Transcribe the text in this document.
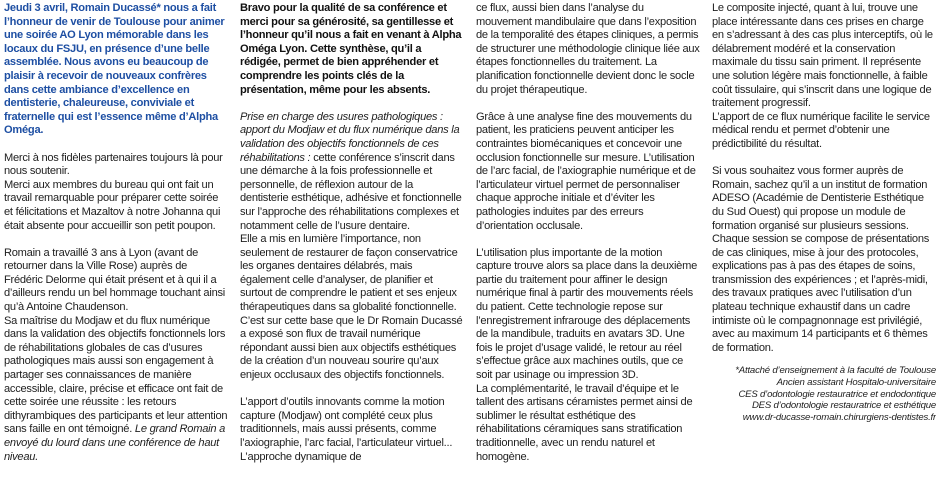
Jeudi 3 avril, Romain Ducassé* nous a fait l’honneur de venir de Toulouse pour animer une soirée AO Lyon mémorable dans les locaux du FSJU, en présence d’une belle assemblée. Nous avons eu beaucoup de plaisir à recevoir de nouveaux confrères dans cette ambiance d’excellence en dentisterie, chaleureuse, conviviale et fraternelle qui est l’essence même d’Alpha Oméga.

Merci à nos fidèles partenaires toujours là pour nous soutenir.

Merci aux membres du bureau qui ont fait un travail remarquable pour préparer cette soirée et félicitations et Mazaltov à notre Johanna qui était absente pour accueillir son petit poupon.

Romain a travaillé 3 ans à Lyon (avant de retourner dans la Ville Rose) auprès de Frédéric Delorme qui était présent et à qui il a d’ailleurs rendu un bel hommage touchant ainsi qu’à Antoine Chaudenson.

Sa maîtrise du Modjaw et du flux numérique dans la validation des objectifs fonctionnels lors de réhabilitations globales de cas d’usures pathologiques mais aussi son engagement à partager ses connaissances de manière accessible, claire, précise et efficace ont fait de cette soirée une réussite : les retours dithyrambiques des participants et leur attention sans faille en ont témoigné. Le grand Romain a envoyé du lourd dans une conférence de haut niveau.

Bravo pour la qualité de sa conférence et merci pour sa générosité, sa gentillesse et l’honneur qu’il nous a fait en venant à Alpha Oméga Lyon. Cette synthèse, qu’il a rédigée, permet de bien appréhender et comprendre les points clés de la présentation, même pour les absents.

Prise en charge des usures pathologiques : apport du Modjaw et du flux numérique dans la validation des objectifs fonctionnels de ces réhabilitations : cette conférence s’inscrit dans une démarche à la fois professionnelle et personnelle, de réflexion autour de la dentisterie esthétique, adhésive et fonctionnelle sur l’approche des réhabilitations complexes et notamment celle de l’usure dentaire.

Elle a mis en lumière l’importance, non seulement de restaurer de façon conservatrice les organes dentaires délabrés, mais également celle d’analyser, de planifier et surtout de comprendre le patient et ses enjeux thérapeutiques dans sa globalité fonctionnelle. C’est sur cette base que le Dr Romain Ducassé a exposé son flux de travail numérique répondant aussi bien aux objectifs esthétiques de la création d’un nouveau sourire qu’aux enjeux occlusaux des objectifs fonctionnels.

L’apport d’outils innovants comme la motion capture (Modjaw) ont complété ceux plus traditionnels, mais aussi présents, comme l’axiographie, l’arc facial, l’articulateur virtuel... L’approche dynamique de

ce flux, aussi bien dans l’analyse du mouvement mandibulaire que dans l’exposition de la temporalité des étapes cliniques, a permis de structurer une méthodologie clinique liée aux étapes fonctionnelles du traitement. La planification fonctionnelle devient donc le socle du projet thérapeutique.

Grâce à une analyse fine des mouvements du patient, les praticiens peuvent anticiper les contraintes biomécaniques et concevoir une occlusion fonctionnelle sur mesure. L’utilisation de l’arc facial, de l’axiographie numérique et de l’articulateur virtuel permet de personnaliser chaque approche initiale et d’éviter les pathologies induites par des erreurs d’orientation occlusale.

L’utilisation plus importante de la motion capture trouve alors sa place dans la deuxième partie du traitement pour affiner le design numérique final à partir des mouvements réels du patient. Cette technologie repose sur l’enregistrement infrarouge des déplacements de la mandibule, traduits en avatars 3D. Une fois le projet d’usage validé, le retour au réel s’effectue grâce aux machines outils, que ce soit par usinage ou impression 3D.

La complémentarité, le travail d’équipe et le tallent des artisans céramistes permet ainsi de sublimer le résultat esthétique des réhabilitations céramiques sans stratification traditionnelle, avec un rendu naturel et homogène.

Le composite injecté, quant à lui, trouve une place intéressante dans ces prises en charge en s’adressant à des cas plus interceptifs, où le délabrement modéré et la conservation maximale du tissu sain priment. Il représente une solution légère mais fonctionnelle, à faible coût tissulaire, qui s’inscrit dans une logique de traitement progressif.

L’apport de ce flux numérique facilite le service médical rendu et permet d’obtenir une prédictibilité du résultat.

Si vous souhaitez vous former auprès de Romain, sachez qu’il a un institut de formation ADESO (Académie de Dentisterie Esthétique du Sud Ouest) qui propose un module de formation organisé sur plusieurs sessions. Chaque session se compose de présentations de cas cliniques, mise à jour des protocoles, explications pas à pas des étapes de soins, transmission des expériences ; et l’après-midi, des travaux pratiques avec l’utilisation d’un plateau technique exhaustif dans un cadre intimiste où le compagnonnage est privilégié, avec au maximum 14 participants et 6 thèmes de formation.

*Attaché d’enseignement à la faculté de Toulouse
Ancien assistant Hospitalo-universitaire
CES d’odontologie restauratrice et endodontique
DES d’odontologie restauratrice et esthétique
www.dr-ducasse-romain.chirurgiens-dentistes.fr
